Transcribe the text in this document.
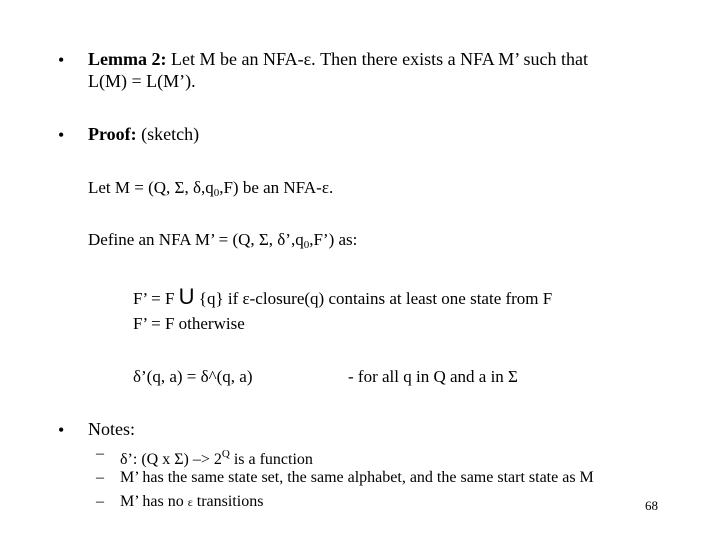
• Lemma 2: Let M be an NFA-ε. Then there exists a NFA M’ such that
L(M) = L(M’).
• Proof: (sketch)
Let M = (Q, Σ, $\delta,q_0,F$) be an NFA-ε.
Define an NFA M’ = (Q, Σ, $\delta’,q_0,F$’) as:
F’ = F U {q} if ε-closure(q) contains at least one state from F
F’ = F otherwise
δ’(q, a) = δ^(q, a)	- for all q in Q and a in Σ
• Notes:
– δ’: (Q x $\Sigma) -> 2^Q$ is a function
– M’ has the same state set, the same alphabet, and the same start state as M
– M’ has no ε transitions	68
